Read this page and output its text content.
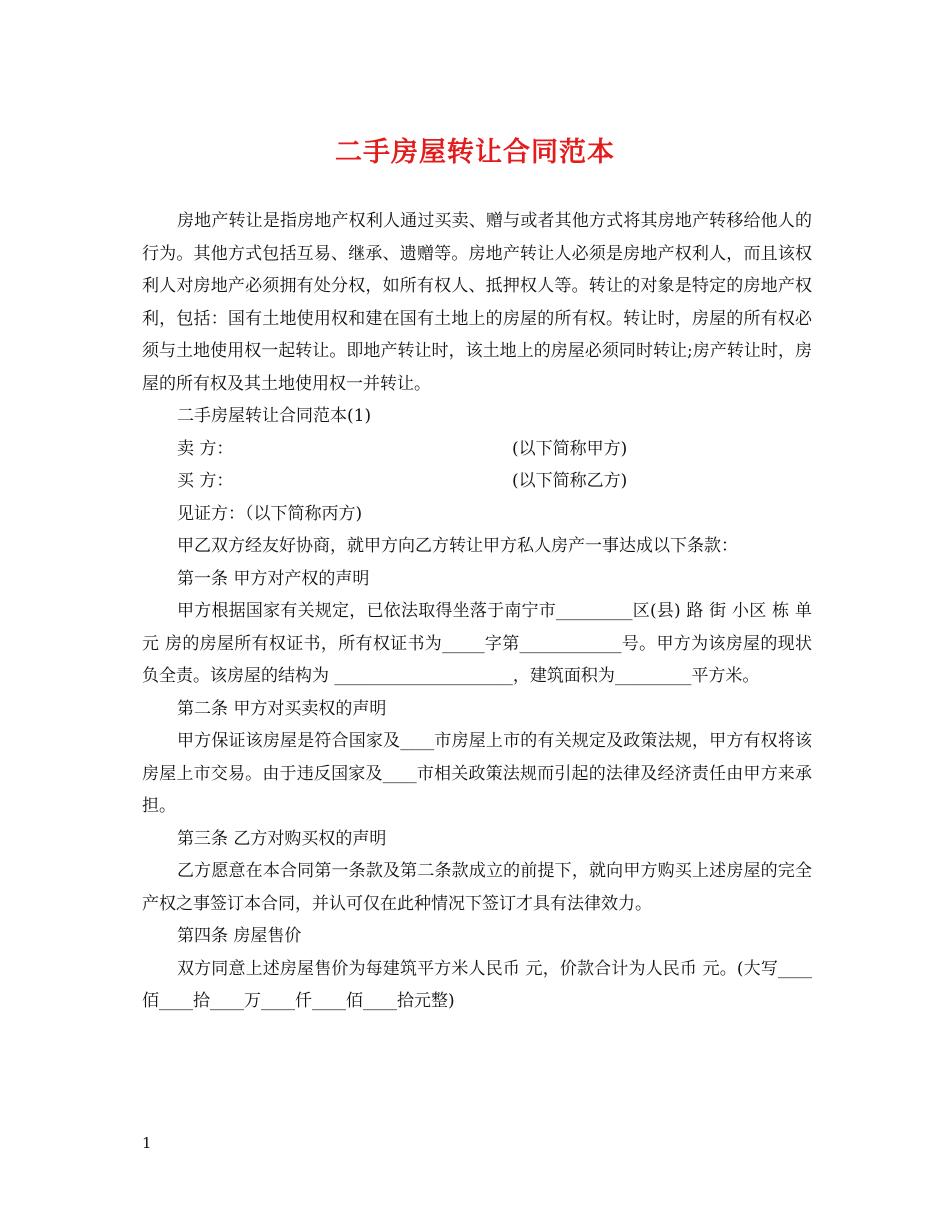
二手房屋转让合同范本

房地产转让是指房地产权利人通过买卖、赠与或者其他方式将其房地产转移给他人的行为。其他方式包括互易、继承、遗赠等。房地产转让人必须是房地产权利人，而且该权利人对房地产必须拥有处分权，如所有权人、抵押权人等。转让的对象是特定的房地产权利，包括：国有土地使用权和建在国有土地上的房屋的所有权。转让时，房屋的所有权必须与土地使用权一起转让。即地产转让时，该土地上的房屋必须同时转让;房产转让时，房屋的所有权及其土地使用权一并转让。

二手房屋转让合同范本(1)

卖 方：	(以下简称甲方)

买 方：	(以下简称乙方)

见证方：（以下简称丙方)

甲乙双方经友好协商，就甲方向乙方转让甲方私人房产一事达成以下条款：

第一条 甲方对产权的声明

甲方根据国家有关规定，已依法取得坐落于南宁市_________区(县) 路 街 小区 栋 单元 房的房屋所有权证书，所有权证书为_____字第____________号。甲方为该房屋的现状负全责。该房屋的结构为 _____________________，建筑面积为_________平方米。

第二条 甲方对买卖权的声明

甲方保证该房屋是符合国家及____市房屋上市的有关规定及政策法规，甲方有权将该房屋上市交易。由于违反国家及____市相关政策法规而引起的法律及经济责任由甲方来承担。

第三条 乙方对购买权的声明

乙方愿意在本合同第一条款及第二条款成立的前提下，就向甲方购买上述房屋的完全产权之事签订本合同，并认可仅在此种情况下签订才具有法律效力。

第四条 房屋售价

双方同意上述房屋售价为每建筑平方米人民币 元，价款合计为人民币 元。(大写____佰____拾____万____仟____佰____拾元整)

1
